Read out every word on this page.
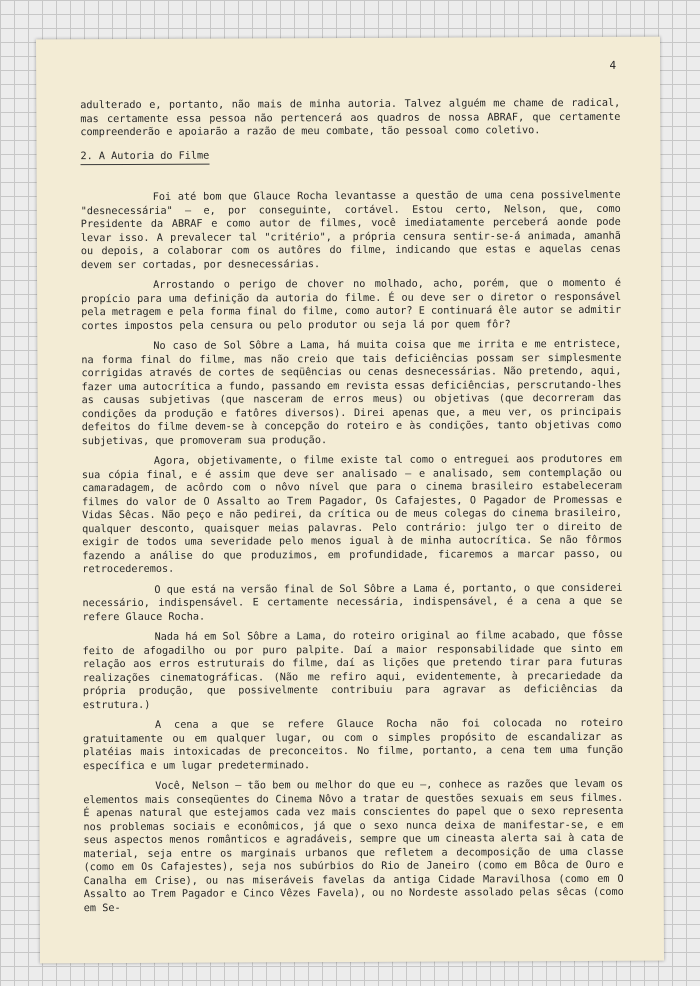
4

adulterado e, portanto, não mais de minha autoria. Talvez alguém me chame de radical, mas certamente essa pessoa não pertencerá aos quadros de nossa ABRAF, que certamente compreenderão e apoiarão a razão de meu combate, tão pessoal como coletivo.

2. A Autoria do Filme

Foi até bom que Glauce Rocha levantasse a questão de uma cena possivelmente "desnecessária" — e, por conseguinte, cortável. Estou certo, Nelson, que, como Presidente da ABRAF e como autor de filmes, você imediatamente perceberá aonde pode levar isso. A prevalecer tal "critério", a própria censura sentir-se-á animada, amanhã ou depois, a colaborar com os autôres do filme, indicando que estas e aquelas cenas devem ser cortadas, por desnecessárias.

Arrostando o perigo de chover no molhado, acho, porém, que o momento é propício para uma definição da autoria do filme. É ou deve ser o diretor o responsável pela metragem e pela forma final do filme, como autor? E continuará êle autor se admitir cortes impostos pela censura ou pelo produtor ou seja lá por quem fôr?

No caso de Sol Sôbre a Lama, há muita coisa que me irrita e me entristece, na forma final do filme, mas não creio que tais deficiências possam ser simplesmente corrigidas através de cortes de seqüências ou cenas desnecessárias. Não pretendo, aqui, fazer uma autocrítica a fundo, passando em revista essas deficiências, perscrutando-lhes as causas subjetivas (que nasceram de erros meus) ou objetivas (que decorreram das condições da produção e fatôres diversos). Direi apenas que, a meu ver, os principais defeitos do filme devem-se à concepção do roteiro e às condições, tanto objetivas como subjetivas, que promoveram sua produção.

Agora, objetivamente, o filme existe tal como o entreguei aos produtores em sua cópia final, e é assim que deve ser analisado — e analisado, sem contemplação ou camaradagem, de acôrdo com o nôvo nível que para o cinema brasileiro estabeleceram filmes do valor de O Assalto ao Trem Pagador, Os Cafajestes, O Pagador de Promessas e Vidas Sêcas. Não peço e não pedirei, da crítica ou de meus colegas do cinema brasileiro, qualquer desconto, quaisquer meias palavras. Pelo contrário: julgo ter o direito de exigir de todos uma severidade pelo menos igual à de minha autocrítica. Se não fôrmos fazendo a análise do que produzimos, em profundidade, ficaremos a marcar passo, ou retrocederemos.

O que está na versão final de Sol Sôbre a Lama é, portanto, o que considerei necessário, indispensável. E certamente necessária, indispensável, é a cena a que se refere Glauce Rocha.

Nada há em Sol Sôbre a Lama, do roteiro original ao filme acabado, que fôsse feito de afogadilho ou por puro palpite. Daí a maior responsabilidade que sinto em relação aos erros estruturais do filme, daí as lições que pretendo tirar para futuras realizações cinematográficas. (Não me refiro aqui, evidentemente, à precariedade da própria produção, que possivelmente contribuiu para agravar as deficiências da estrutura.)

A cena a que se refere Glauce Rocha não foi colocada no roteiro gratuitamente ou em qualquer lugar, ou com o simples propósito de escandalizar as platéias mais intoxicadas de preconceitos. No filme, portanto, a cena tem uma função específica e um lugar predeterminado.

Você, Nelson — tão bem ou melhor do que eu —, conhece as razões que levam os elementos mais conseqüentes do Cinema Nôvo a tratar de questões sexuais em seus filmes. É apenas natural que estejamos cada vez mais conscientes do papel que o sexo representa nos problemas sociais e econômicos, já que o sexo nunca deixa de manifestar-se, e em seus aspectos menos românticos e agradáveis, sempre que um cineasta alerta sai à cata de material, seja entre os marginais urbanos que refletem a decomposição de uma classe (como em Os Cafajestes), seja nos subúrbios do Rio de Janeiro (como em Bôca de Ouro e Canalha em Crise), ou nas miseráveis favelas da antiga Cidade Maravilhosa (como em O Assalto ao Trem Pagador e Cinco Vêzes Favela), ou no Nordeste assolado pelas sêcas (como em Se-
